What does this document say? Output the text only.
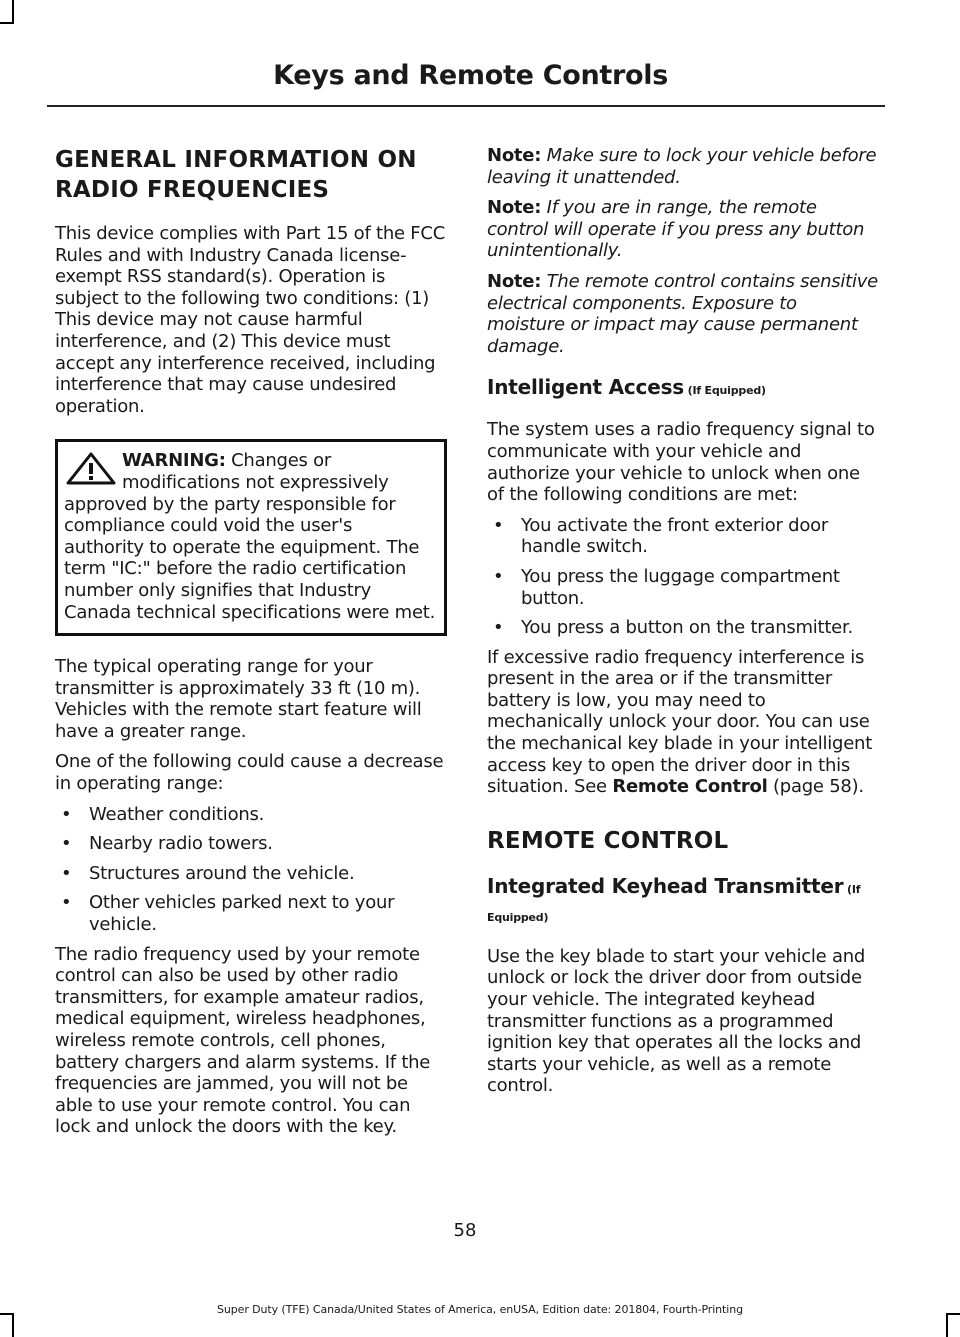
Keys and Remote Controls
GENERAL INFORMATION ON
RADIO FREQUENCIES

This device complies with Part 15 of the FCC Rules and with Industry Canada license-exempt RSS standard(s). Operation is subject to the following two conditions: (1) This device may not cause harmful interference, and (2) This device must accept any interference received, including interference that may cause undesired operation.

WARNING: Changes or modifications not expressively approved by the party responsible for compliance could void the user's authority to operate the equipment. The term "IC:" before the radio certification number only signifies that Industry Canada technical specifications were met.

The typical operating range for your transmitter is approximately 33 ft (10 m). Vehicles with the remote start feature will have a greater range.

One of the following could cause a decrease in operating range:

• Weather conditions.
• Nearby radio towers.
• Structures around the vehicle.
• Other vehicles parked next to your vehicle.

The radio frequency used by your remote control can also be used by other radio transmitters, for example amateur radios, medical equipment, wireless headphones, wireless remote controls, cell phones, battery chargers and alarm systems. If the frequencies are jammed, you will not be able to use your remote control. You can lock and unlock the doors with the key.

Note: Make sure to lock your vehicle before leaving it unattended.

Note: If you are in range, the remote control will operate if you press any button unintentionally.

Note: The remote control contains sensitive electrical components. Exposure to moisture or impact may cause permanent damage.

Intelligent Access (If Equipped)

The system uses a radio frequency signal to communicate with your vehicle and authorize your vehicle to unlock when one of the following conditions are met:

• You activate the front exterior door handle switch.
• You press the luggage compartment button.
• You press a button on the transmitter.

If excessive radio frequency interference is present in the area or if the transmitter battery is low, you may need to mechanically unlock your door. You can use the mechanical key blade in your intelligent access key to open the driver door in this situation. See Remote Control (page 58).

REMOTE CONTROL
Integrated Keyhead Transmitter (If Equipped)

Use the key blade to start your vehicle and unlock or lock the driver door from outside your vehicle. The integrated keyhead transmitter functions as a programmed ignition key that operates all the locks and starts your vehicle, as well as a remote control.

58
Super Duty (TFE) Canada/United States of America, enUSA, Edition date: 201804, Fourth-Printing
